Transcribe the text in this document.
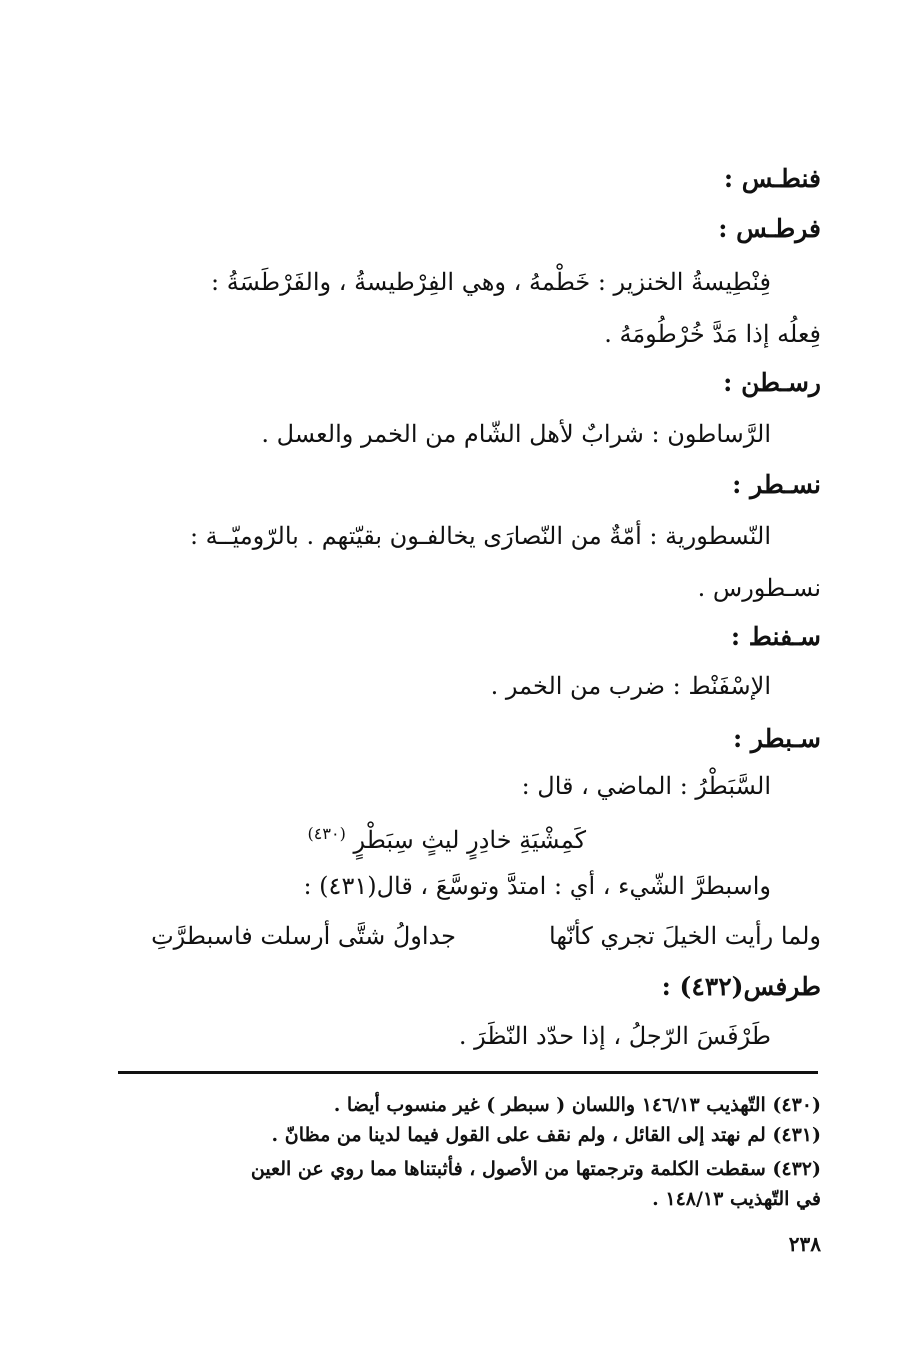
فنطـس :
فرطـس :
فِنْطِيسةُ الخنزير : خَطْمهُ ، وهي الفِرْطيسةُ ، والفَرْطَسَةُ :
فِعلُه إذا مَدَّ خُرْطُومَهُ .
رسـطن :
الرَّساطون : شرابٌ لأهل الشّام من الخمر والعسل .
نسـطر :
النّسطورية : أمّةٌ من النّصارَى يخالفـون بقيّتهم . بالرّوميّــة :
نسـطورس .
سـفنط :
الإسْفَنْط : ضرب من الخمر .
سـبطر :
السَّبَطْرُ : الماضي ، قال :
كَمِشْيَةِ خادِرٍ ليثٍ سِبَطْرٍ $^{(٤٣٠)}$
واسبطرَّ الشّيء ، أي : امتدَّ وتوسَّعَ ، قال(٤٣١) :
ولما رأيت الخيلَ تجري كأنّها
جداولُ شتَّى أرسلت فاسبطرَّتِ
طرفس(٤٣٢) :
طَرْفَسَ الرّجلُ ، إذا حدّد النّظَرَ .
(٤٣٠) التّهذيب ١٤٦/١٣ واللسان ( سبطر ) غير منسوب أيضا .
(٤٣١) لم نهتد إلى القائل ، ولم نقف على القول فيما لدينا من مظانّ .
(٤٣٢) سقطت الكلمة وترجمتها من الأصول ، فأثبتناها مما روي عن العين
في التّهذيب ١٤٨/١٣ .
٢٣٨
